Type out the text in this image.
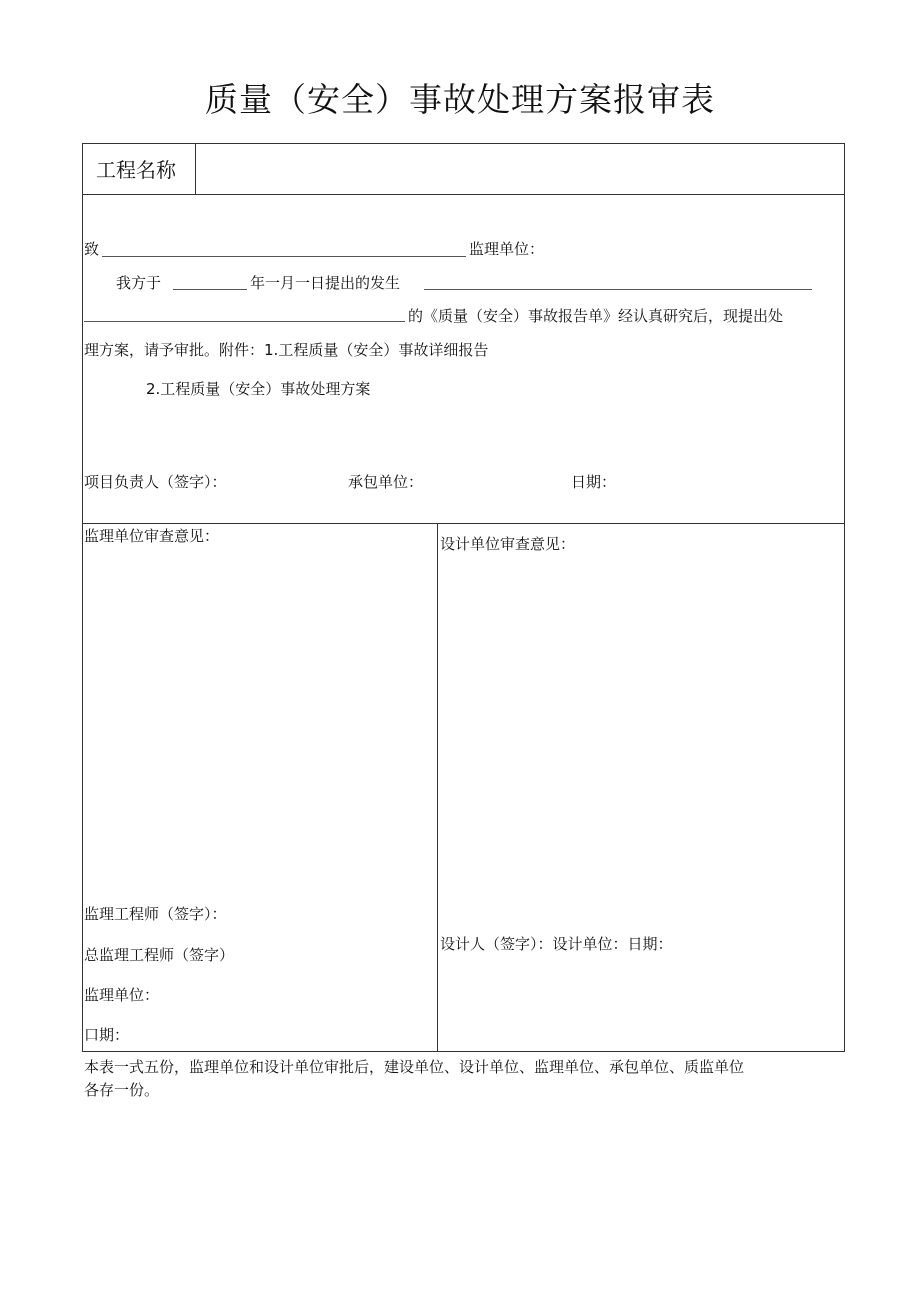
质量（安全）事故处理方案报审表
工程名称
致	监理单位：
我方于	年一月一日提出的发生
的《质量（安全）事故报告单》经认真研究后，现提出处
理方案，请予审批。附件：1.工程质量（安全）事故详细报告
2.工程质量（安全）事故处理方案
项目负责人（签字）：	承包单位：	日期：
监理单位审查意见：
监理工程师（签字）：
总监理工程师（签字）
监理单位：
口期：
设计单位审查意见：
设计人（签字）：设计单位：日期：
本表一式五份，监理单位和设计单位审批后，建设单位、设计单位、监理单位、承包单位、质监单位
各存一份。
